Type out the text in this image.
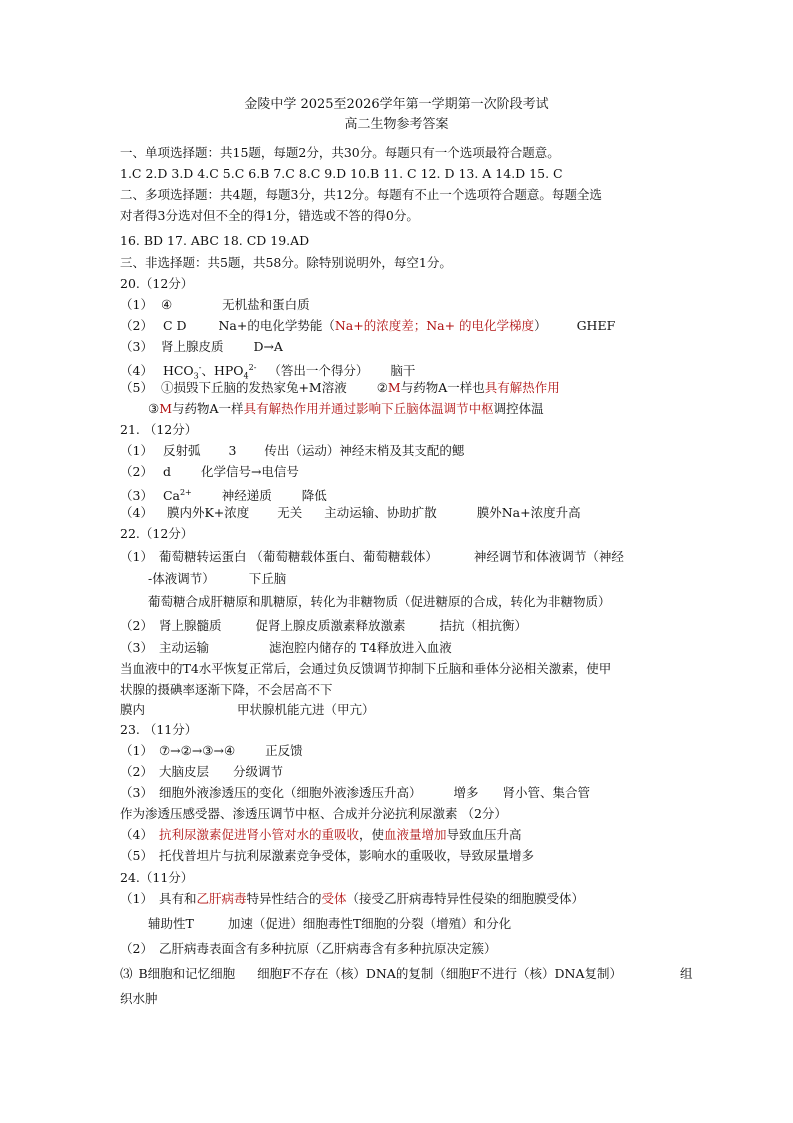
金陵中学 2025至2026学年第一学期第一次阶段考试
高二生物参考答案
一、单项选择题：共15题，每题2分，共30分。每题只有一个选项最符合题意。
1.C 2.D 3.D 4.C 5.C 6.B 7.C 8.C 9.D 10.B 11. C 12. D 13. A 14.D 15. C
二、多项选择题：共4题，每题3分，共12分。每题有不止一个选项符合题意。每题全选
对者得3分选对但不全的得1分，错选或不答的得0分。
16. BD 17. ABC 18. CD 19.AD
三、非选择题：共5题，共58分。除特别说明外，每空1分。
20.（12分）
（1） ④	无机盐和蛋白质
（2） C D	Na+的电化学势能（Na+的浓度差；Na+ 的电化学梯度） GHEF
（3） 肾上腺皮质 D→A
（4） $HCO_3^-$、$HPO_4^{2-}$ （答出一个得分） 脑干
（5） ①损毁下丘脑的发热家兔+M溶液 ②M与药物A一样也具有解热作用
③M与药物A一样具有解热作用并通过影响下丘脑体温调节中枢调控体温
21. （12分）
（1） 反射弧 3 传出（运动）神经末梢及其支配的鳃
（2） d 化学信号→电信号
（3） $Ca^{2+}$ 神经递质 降低
（4） 膜内外K+浓度 无关 主动运输、协助扩散	膜外Na+浓度升高
22.（12分）
（1） 葡萄糖转运蛋白 （葡萄糖载体蛋白、葡萄糖载体）	神经调节和体液调节（神经
-体液调节）	下丘脑
葡萄糖合成肝糖原和肌糖原，转化为非糖物质（促进糖原的合成，转化为非糖物质）
（2） 肾上腺髓质	促肾上腺皮质激素释放激素	拮抗（相抗衡）
（3） 主动运输	滤泡腔内储存的 T4释放进入血液
当血液中的T4水平恢复正常后，会通过负反馈调节抑制下丘脑和垂体分泌相关激素，使甲
状腺的摄碘率逐渐下降，不会居高不下
膜内	甲状腺机能亢进（甲亢）
23. （11分）
（1） ⑦→②→③→④ 正反馈
（2） 大脑皮层 分级调节
（3） 细胞外液渗透压的变化（细胞外液渗透压升高）	增多 肾小管、集合管
作为渗透压感受器、渗透压调节中枢、合成并分泌抗利尿激素 （2分）
（4） 抗利尿激素促进肾小管对水的重吸收，使血液量增加导致血压升高
（5） 托伐普坦片与抗利尿激素竞争受体，影响水的重吸收，导致尿量增多
24.（11分）
（1） 具有和乙肝病毒特异性结合的受体（接受乙肝病毒特异性侵染的细胞膜受体）
辅助性T	加速（促进）细胞毒性T细胞的分裂（增殖）和分化
（2） 乙肝病毒表面含有多种抗原（乙肝病毒含有多种抗原决定簇）
⑶ B细胞和记忆细胞 细胞F不存在（核）DNA的复制（细胞F不进行（核）DNA复制）	组
织水肿
